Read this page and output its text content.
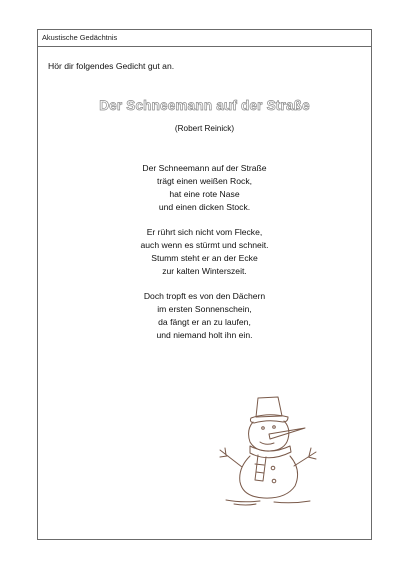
Akustische Gedächtnis
Hör dir folgendes Gedicht gut an.
Der Schneemann auf der Straße
(Robert Reinick)
Der Schneemann auf der Straße
trägt einen weißen Rock,
hat eine rote Nase
und einen dicken Stock.
Er rührt sich nicht vom Flecke,
auch wenn es stürmt und schneit.
Stumm steht er an der Ecke
zur kalten Winterszeit.
Doch tropft es von den Dächern
im ersten Sonnenschein,
da fängt er an zu laufen,
und niemand holt ihn ein.
